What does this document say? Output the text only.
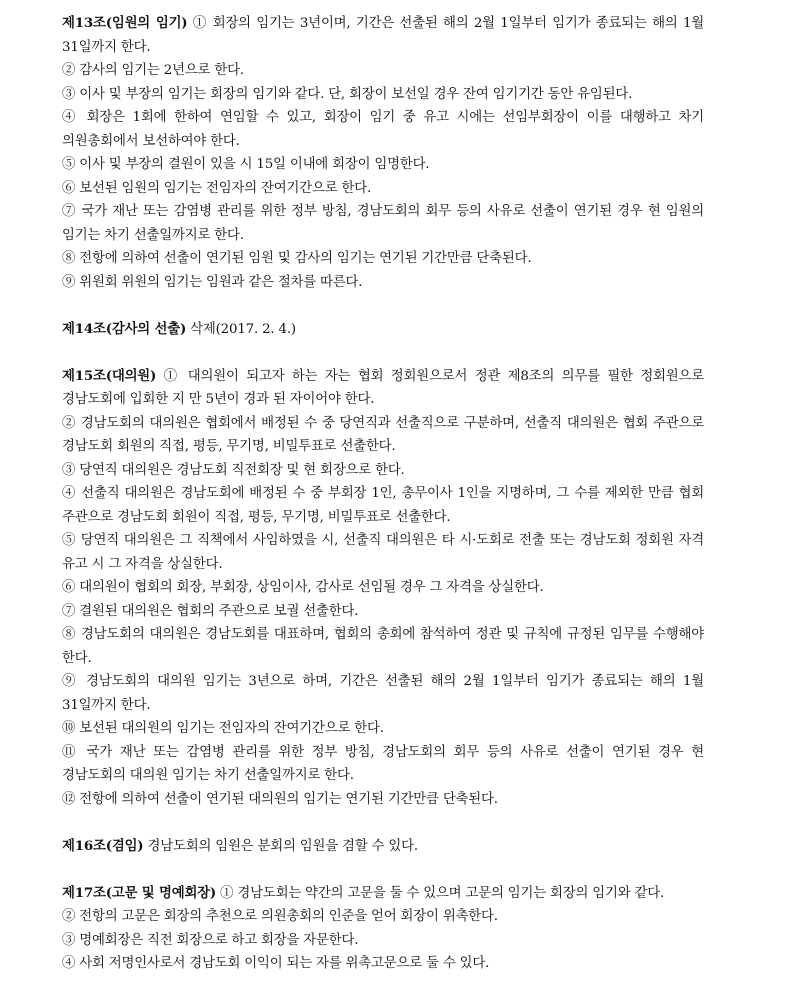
제13조(임원의 임기) ① 회장의 임기는 3년이며, 기간은 선출된 해의 2월 1일부터 임기가 종료되는 해의 1월 31일까지 한다.

② 감사의 임기는 2년으로 한다.

③ 이사 및 부장의 임기는 회장의 임기와 같다. 단, 회장이 보선일 경우 잔여 임기기간 동안 유임된다.

④ 회장은 1회에 한하여 연임할 수 있고, 회장이 임기 중 유고 시에는 선임부회장이 이를 대행하고 차기 의원총회에서 보선하여야 한다.

⑤ 이사 및 부장의 결원이 있을 시 15일 이내에 회장이 임명한다.

⑥ 보선된 임원의 임기는 전임자의 잔여기간으로 한다.

⑦ 국가 재난 또는 감염병 관리를 위한 정부 방침, 경남도회의 회무 등의 사유로 선출이 연기된 경우 현 임원의 임기는 차기 선출일까지로 한다.

⑧ 전항에 의하여 선출이 연기된 임원 및 감사의 임기는 연기된 기간만큼 단축된다.

⑨ 위원회 위원의 임기는 임원과 같은 절차를 따른다.

제14조(감사의 선출) 삭제(2017. 2. 4.)

제15조(대의원) ① 대의원이 되고자 하는 자는 협회 정회원으로서 정관 제8조의 의무를 필한 정회원으로 경남도회에 입회한 지 만 5년이 경과 된 자이어야 한다.

② 경남도회의 대의원은 협회에서 배정된 수 중 당연직과 선출직으로 구분하며, 선출직 대의원은 협회 주관으로 경남도회 회원의 직접, 평등, 무기명, 비밀투표로 선출한다.

③ 당연직 대의원은 경남도회 직전회장 및 현 회장으로 한다.

④ 선출직 대의원은 경남도회에 배정된 수 중 부회장 1인, 총무이사 1인을 지명하며, 그 수를 제외한 만큼 협회 주관으로 경남도회 회원이 직접, 평등, 무기명, 비밀투표로 선출한다.

⑤ 당연직 대의원은 그 직책에서 사임하였을 시, 선출직 대의원은 타 시·도회로 전출 또는 경남도회 정회원 자격 유고 시 그 자격을 상실한다.

⑥ 대의원이 협회의 회장, 부회장, 상임이사, 감사로 선임될 경우 그 자격을 상실한다.

⑦ 결원된 대의원은 협회의 주관으로 보궐 선출한다.

⑧ 경남도회의 대의원은 경남도회를 대표하며, 협회의 총회에 참석하여 정관 및 규칙에 규정된 임무를 수행해야 한다.

⑨ 경남도회의 대의원 임기는 3년으로 하며, 기간은 선출된 해의 2월 1일부터 임기가 종료되는 해의 1월 31일까지 한다.

⑩ 보선된 대의원의 임기는 전임자의 잔여기간으로 한다.

⑪ 국가 재난 또는 감염병 관리를 위한 정부 방침, 경남도회의 회무 등의 사유로 선출이 연기된 경우 현 경남도회의 대의원 임기는 차기 선출일까지로 한다.

⑫ 전항에 의하여 선출이 연기된 대의원의 임기는 연기된 기간만큼 단축된다.

제16조(겸임) 경남도회의 임원은 분회의 임원을 겸할 수 있다.

제17조(고문 및 명예회장) ① 경남도회는 약간의 고문을 둘 수 있으며 고문의 임기는 회장의 임기와 같다.

② 전항의 고문은 회장의 추천으로 의원총회의 인준을 얻어 회장이 위촉한다.

③ 명예회장은 직전 회장으로 하고 회장을 자문한다.

④ 사회 저명인사로서 경남도회 이익이 되는 자를 위촉고문으로 둘 수 있다.
